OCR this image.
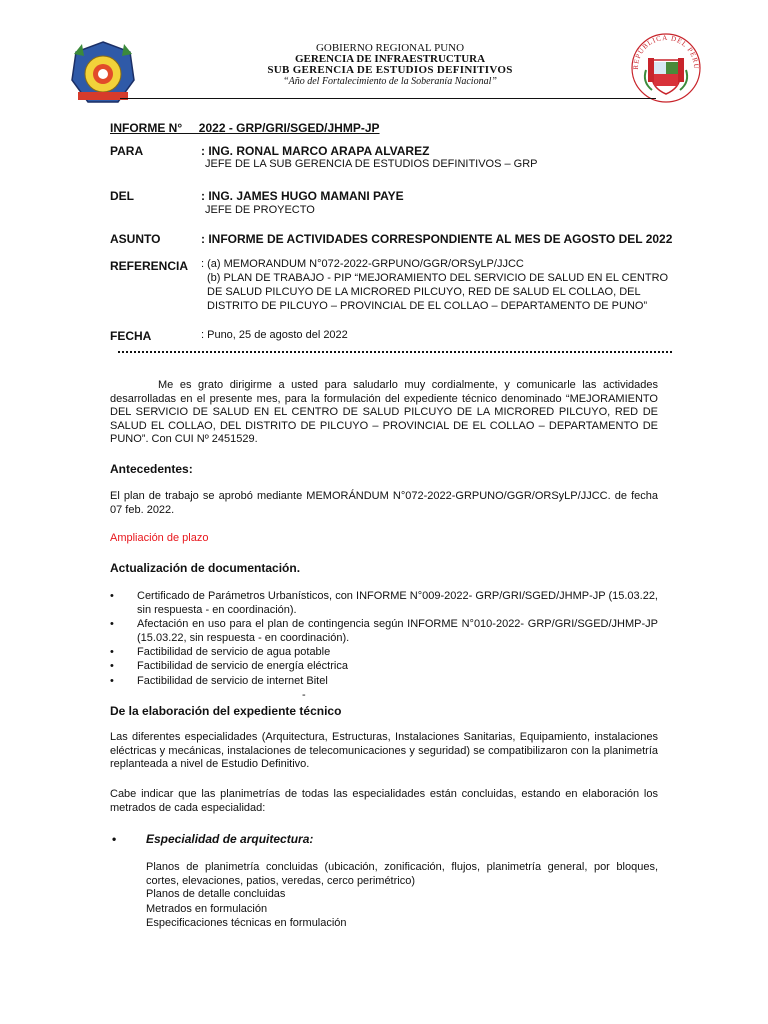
GOBIERNO REGIONAL PUNO
GERENCIA DE INFRAESTRUCTURA
SUB GERENCIA DE ESTUDIOS DEFINITIVOS
“Año del Fortalecimiento de la Soberanía Nacional”
REPÚBLICA DEL PERÚ
INFORME N°     2022 - GRP/GRI/SGED/JHMP-JP
PARA	: ING. RONAL MARCO ARAPA ALVAREZ
JEFE DE LA SUB GERENCIA DE ESTUDIOS DEFINITIVOS – GRP
DEL	: ING. JAMES HUGO MAMANI PAYE
JEFE DE PROYECTO
ASUNTO	: INFORME DE ACTIVIDADES CORRESPONDIENTE AL MES DE AGOSTO DEL 2022
REFERENCIA : (a) MEMORANDUM N°072-2022-GRPUNO/GGR/ORSyLP/JJCC
(b) PLAN DE TRABAJO - PIP “MEJORAMIENTO DEL SERVICIO DE SALUD EN EL CENTRO
DE SALUD PILCUYO DE LA MICRORED PILCUYO, RED DE SALUD EL COLLAO, DEL
DISTRITO DE PILCUYO – PROVINCIAL DE EL COLLAO – DEPARTAMENTO DE PUNO”
FECHA	: Puno, 25 de agosto del 2022
Me es grato dirigirme a usted para saludarlo muy cordialmente, y comunicarle las actividades desarrolladas en el presente mes, para la formulación del expediente técnico denominado “MEJORAMIENTO DEL SERVICIO DE SALUD EN EL CENTRO DE SALUD PILCUYO DE LA MICRORED PILCUYO, RED DE SALUD EL COLLAO, DEL DISTRITO DE PILCUYO – PROVINCIAL DE EL COLLAO – DEPARTAMENTO DE PUNO”. Con CUI Nº 2451529.
Antecedentes:
El plan de trabajo se aprobó mediante MEMORÁNDUM N°072-2022-GRPUNO/GGR/ORSyLP/JJCC. de fecha 07 feb. 2022.
Ampliación de plazo
Actualización de documentación.
• Certificado de Parámetros Urbanísticos, con INFORME N°009-2022- GRP/GRI/SGED/JHMP-JP (15.03.22, sin respuesta - en coordinación).
• Afectación en uso para el plan de contingencia según INFORME N°010-2022- GRP/GRI/SGED/JHMP-JP (15.03.22, sin respuesta - en coordinación).
• Factibilidad de servicio de agua potable
• Factibilidad de servicio de energía eléctrica
• Factibilidad de servicio de internet Bitel
-
De la elaboración del expediente técnico
Las diferentes especialidades (Arquitectura, Estructuras, Instalaciones Sanitarias, Equipamiento, instalaciones eléctricas y mecánicas, instalaciones de telecomunicaciones y seguridad) se compatibilizaron con la planimetría replanteada a nivel de Estudio Definitivo.
Cabe indicar que las planimetrías de todas las especialidades están concluidas, estando en elaboración los metrados de cada especialidad:
• Especialidad de arquitectura:
Planos de planimetría concluidas (ubicación, zonificación, flujos, planimetría general, por bloques, cortes, elevaciones, patios, veredas, cerco perimétrico)
Planos de detalle concluidas
Metrados en formulación
Especificaciones técnicas en formulación
